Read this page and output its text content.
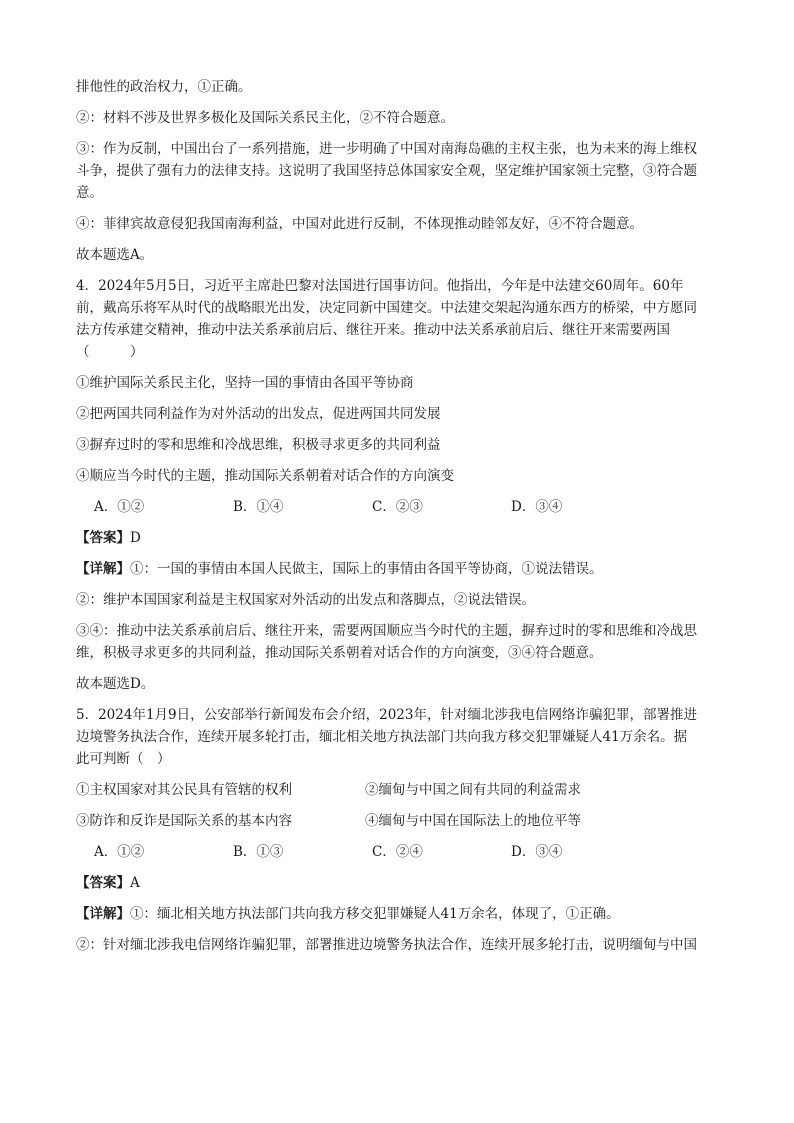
排他性的政治权力，①正确。

②：材料不涉及世界多极化及国际关系民主化，②不符合题意。

③：作为反制，中国出台了一系列措施，进一步明确了中国对南海岛礁的主权主张，也为未来的海上维权

斗争，提供了强有力的法律支持。这说明了我国坚持总体国家安全观，坚定维护国家领土完整，③符合题

意。

④：菲律宾故意侵犯我国南海利益，中国对此进行反制，不体现推动睦邻友好，④不符合题意。

故本题选A。

4．2024年5月5日，习近平主席赴巴黎对法国进行国事访问。他指出，今年是中法建交60周年。60年

前，戴高乐将军从时代的战略眼光出发，决定同新中国建交。中法建交架起沟通东西方的桥梁，中方愿同

法方传承建交精神，推动中法关系承前启后、继往开来。推动中法关系承前启后、继往开来需要两国

（　　　）

①维护国际关系民主化，坚持一国的事情由各国平等协商

②把两国共同利益作为对外活动的出发点，促进两国共同发展

③摒弃过时的零和思维和冷战思维，积极寻求更多的共同利益

④顺应当今时代的主题，推动国际关系朝着对话合作的方向演变

A．①②	B．①④	C．②③	D．③④

【答案】D

【详解】①：一国的事情由本国人民做主，国际上的事情由各国平等协商，①说法错误。

②：维护本国国家利益是主权国家对外活动的出发点和落脚点，②说法错误。

③④：推动中法关系承前启后、继往开来，需要两国顺应当今时代的主题，摒弃过时的零和思维和冷战思

维，积极寻求更多的共同利益，推动国际关系朝着对话合作的方向演变，③④符合题意。

故本题选D。

5．2024年1月9日，公安部举行新闻发布会介绍，2023年，针对缅北涉我电信网络诈骗犯罪，部署推进

边境警务执法合作，连续开展多轮打击，缅北相关地方执法部门共向我方移交犯罪嫌疑人41万余名。据

此可判断（　）

①主权国家对其公民具有管辖的权利	②缅甸与中国之间有共同的利益需求
③防诈和反诈是国际关系的基本内容	④缅甸与中国在国际法上的地位平等
A．①②	B．①③	C．②④	D．③④

【答案】A

【详解】①：缅北相关地方执法部门共向我方移交犯罪嫌疑人41万余名，体现了，①正确。

②：针对缅北涉我电信网络诈骗犯罪，部署推进边境警务执法合作，连续开展多轮打击，说明缅甸与中国
